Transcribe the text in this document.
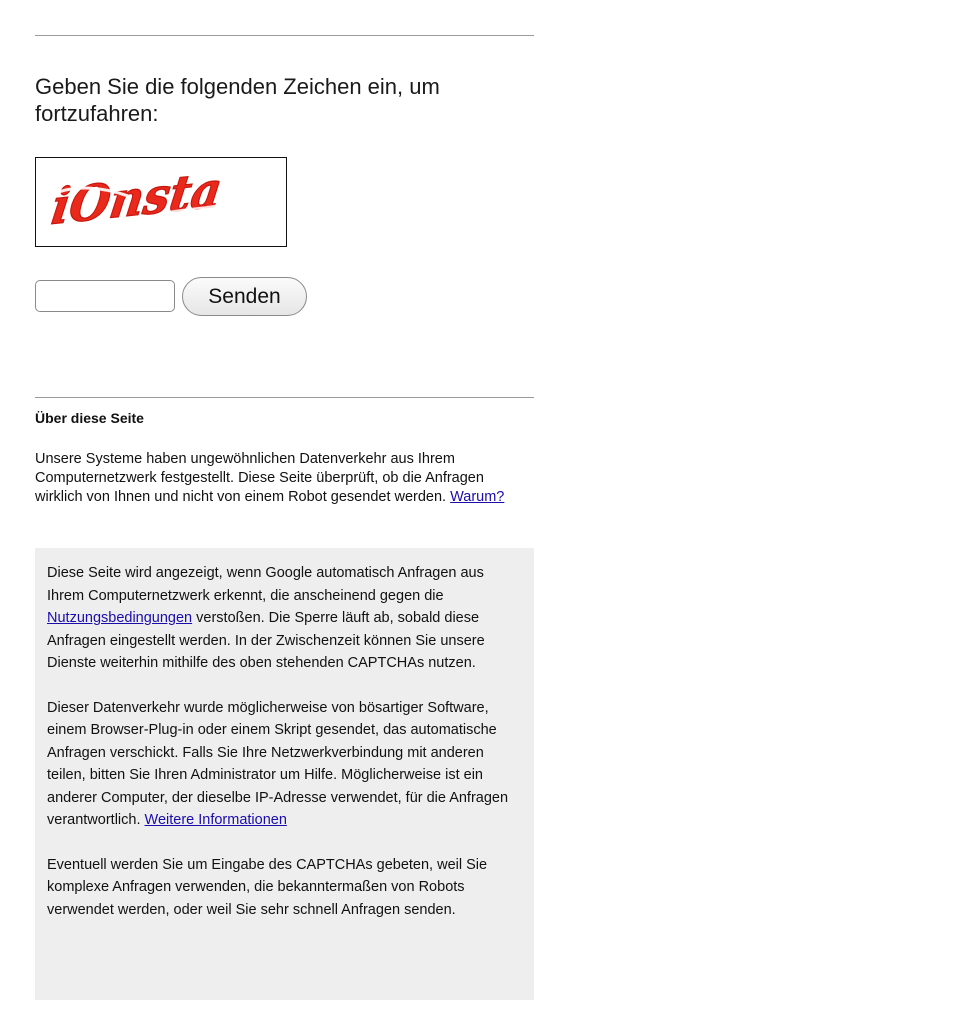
Geben Sie die folgenden Zeichen ein, um fortzufahren:
iOnsta
Senden
Über diese Seite

Unsere Systeme haben ungewöhnlichen Datenverkehr aus Ihrem Computernetzwerk festgestellt. Diese Seite überprüft, ob die Anfragen wirklich von Ihnen und nicht von einem Robot gesendet werden. Warum?

Diese Seite wird angezeigt, wenn Google automatisch Anfragen aus Ihrem Computernetzwerk erkennt, die anscheinend gegen die Nutzungsbedingungen verstoßen. Die Sperre läuft ab, sobald diese Anfragen eingestellt werden. In der Zwischenzeit können Sie unsere Dienste weiterhin mithilfe des oben stehenden CAPTCHAs nutzen.

Dieser Datenverkehr wurde möglicherweise von bösartiger Software, einem Browser-Plug-in oder einem Skript gesendet, das automatische Anfragen verschickt. Falls Sie Ihre Netzwerkverbindung mit anderen teilen, bitten Sie Ihren Administrator um Hilfe. Möglicherweise ist ein anderer Computer, der dieselbe IP-Adresse verwendet, für die Anfragen verantwortlich. Weitere Informationen

Eventuell werden Sie um Eingabe des CAPTCHAs gebeten, weil Sie komplexe Anfragen verwenden, die bekanntermaßen von Robots verwendet werden, oder weil Sie sehr schnell Anfragen senden.
